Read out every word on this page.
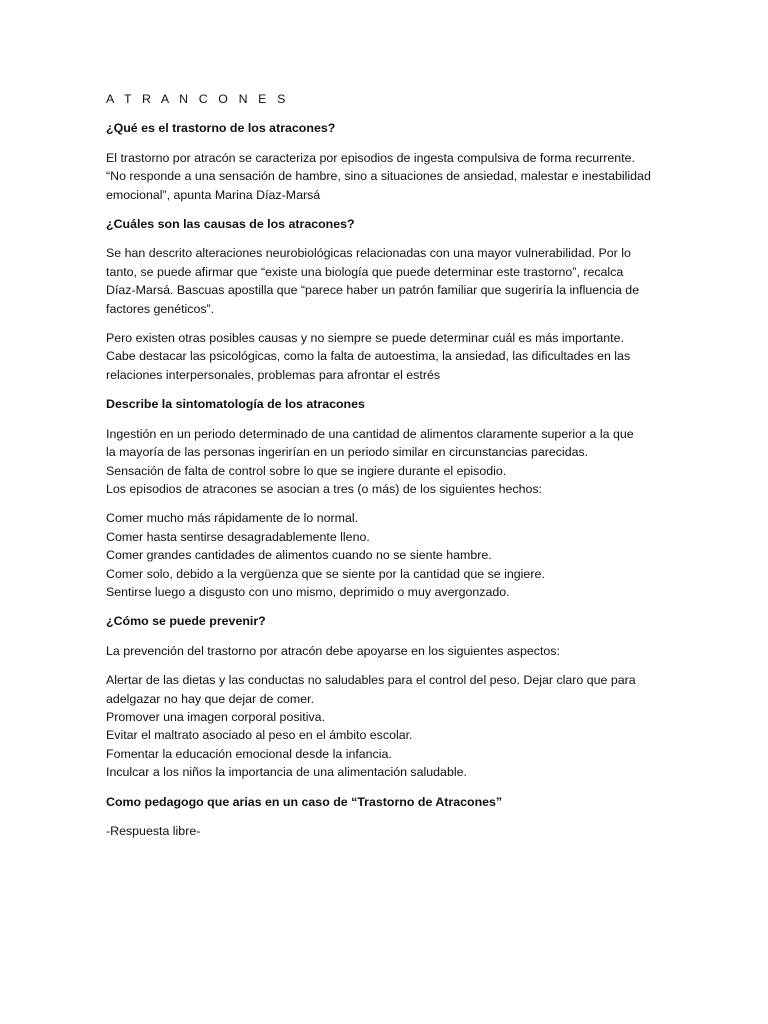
A T R A N C O N E S
¿Qué es el trastorno de los atracones?

El trastorno por atracón se caracteriza por episodios de ingesta compulsiva de forma recurrente.
“No responde a una sensación de hambre, sino a situaciones de ansiedad, malestar e inestabilidad
emocional”, apunta Marina Díaz-Marsá

¿Cuáles son las causas de los atracones?

Se han descrito alteraciones neurobiológicas relacionadas con una mayor vulnerabilidad. Por lo
tanto, se puede afirmar que “existe una biología que puede determinar este trastorno”, recalca
Díaz-Marsá. Bascuas apostilla que “parece haber un patrón familiar que sugeriría la influencia de
factores genéticos”.

Pero existen otras posibles causas y no siempre se puede determinar cuál es más importante.
Cabe destacar las psicológicas, como la falta de autoestima, la ansiedad, las dificultades en las
relaciones interpersonales, problemas para afrontar el estrés

Describe la sintomatología de los atracones

Ingestión en un periodo determinado de una cantidad de alimentos claramente superior a la que
la mayoría de las personas ingerirían en un periodo similar en circunstancias parecidas.
Sensación de falta de control sobre lo que se ingiere durante el episodio.
Los episodios de atracones se asocian a tres (o más) de los siguientes hechos:

Comer mucho más rápidamente de lo normal.
Comer hasta sentirse desagradablemente lleno.
Comer grandes cantidades de alimentos cuando no se siente hambre.
Comer solo, debido a la vergüenza que se siente por la cantidad que se ingiere.
Sentirse luego a disgusto con uno mismo, deprimido o muy avergonzado.

¿Cómo se puede prevenir?

La prevención del trastorno por atracón debe apoyarse en los siguientes aspectos:

Alertar de las dietas y las conductas no saludables para el control del peso. Dejar claro que para
adelgazar no hay que dejar de comer.
Promover una imagen corporal positiva.
Evitar el maltrato asociado al peso en el ámbito escolar.
Fomentar la educación emocional desde la infancia.
Inculcar a los niños la importancia de una alimentación saludable.

Como pedagogo que arias en un caso de “Trastorno de Atracones”

-Respuesta libre-
